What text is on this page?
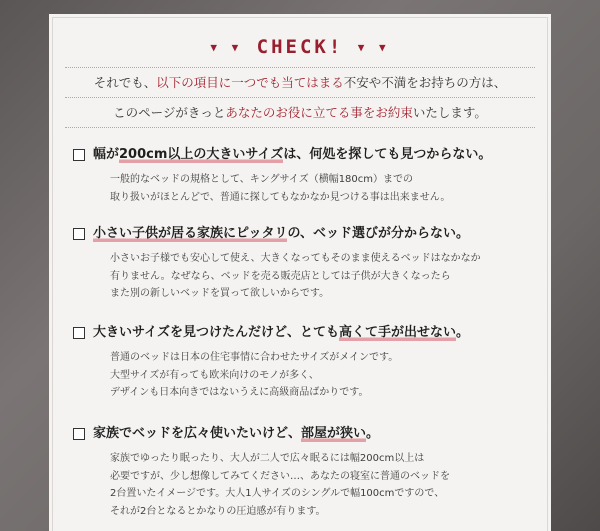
▼ ▼ CHECK! ▼ ▼
それでも、以下の項目に一つでも当てはまる不安や不満をお持ちの方は、
このページがきっとあなたのお役に立てる事をお約束いたします。
幅が 200cm以上の大きいサイズ は、何処を探しても見つからない。
一般的なベッドの規格として、キングサイズ（横幅180cm）までの
取り扱いがほとんどで、普通に探してもなかなか見つける事は出来ません。
小さい子供が居る家族にピッタリ の、ベッド選びが分からない。
小さいお子様でも安心して使え、大きくなってもそのまま使えるベッドはなかなか
有りません。なぜなら、ベッドを売る販売店としては子供が大きくなったら
また別の新しいベッドを買って欲しいからです。
大きいサイズを見つけたんだけど、とても 高くて手が出せない 。
普通のベッドは日本の住宅事情に合わせたサイズがメインです。
大型サイズが有っても欧米向けのモノが多く、
デザインも日本向きではないうえに高級商品ばかりです。
家族でベッドを広々使いたいけど、 部屋が狭い 。
家族でゆったり眠ったり、大人が二人で広々眠るには幅200cm以上は
必要ですが、少し想像してみてください…、あなたの寝室に普通のベッドを
2台置いたイメージです。大人1人サイズのシングルで幅100cmですので、
それが2台となるとかなりの圧迫感が有ります。
